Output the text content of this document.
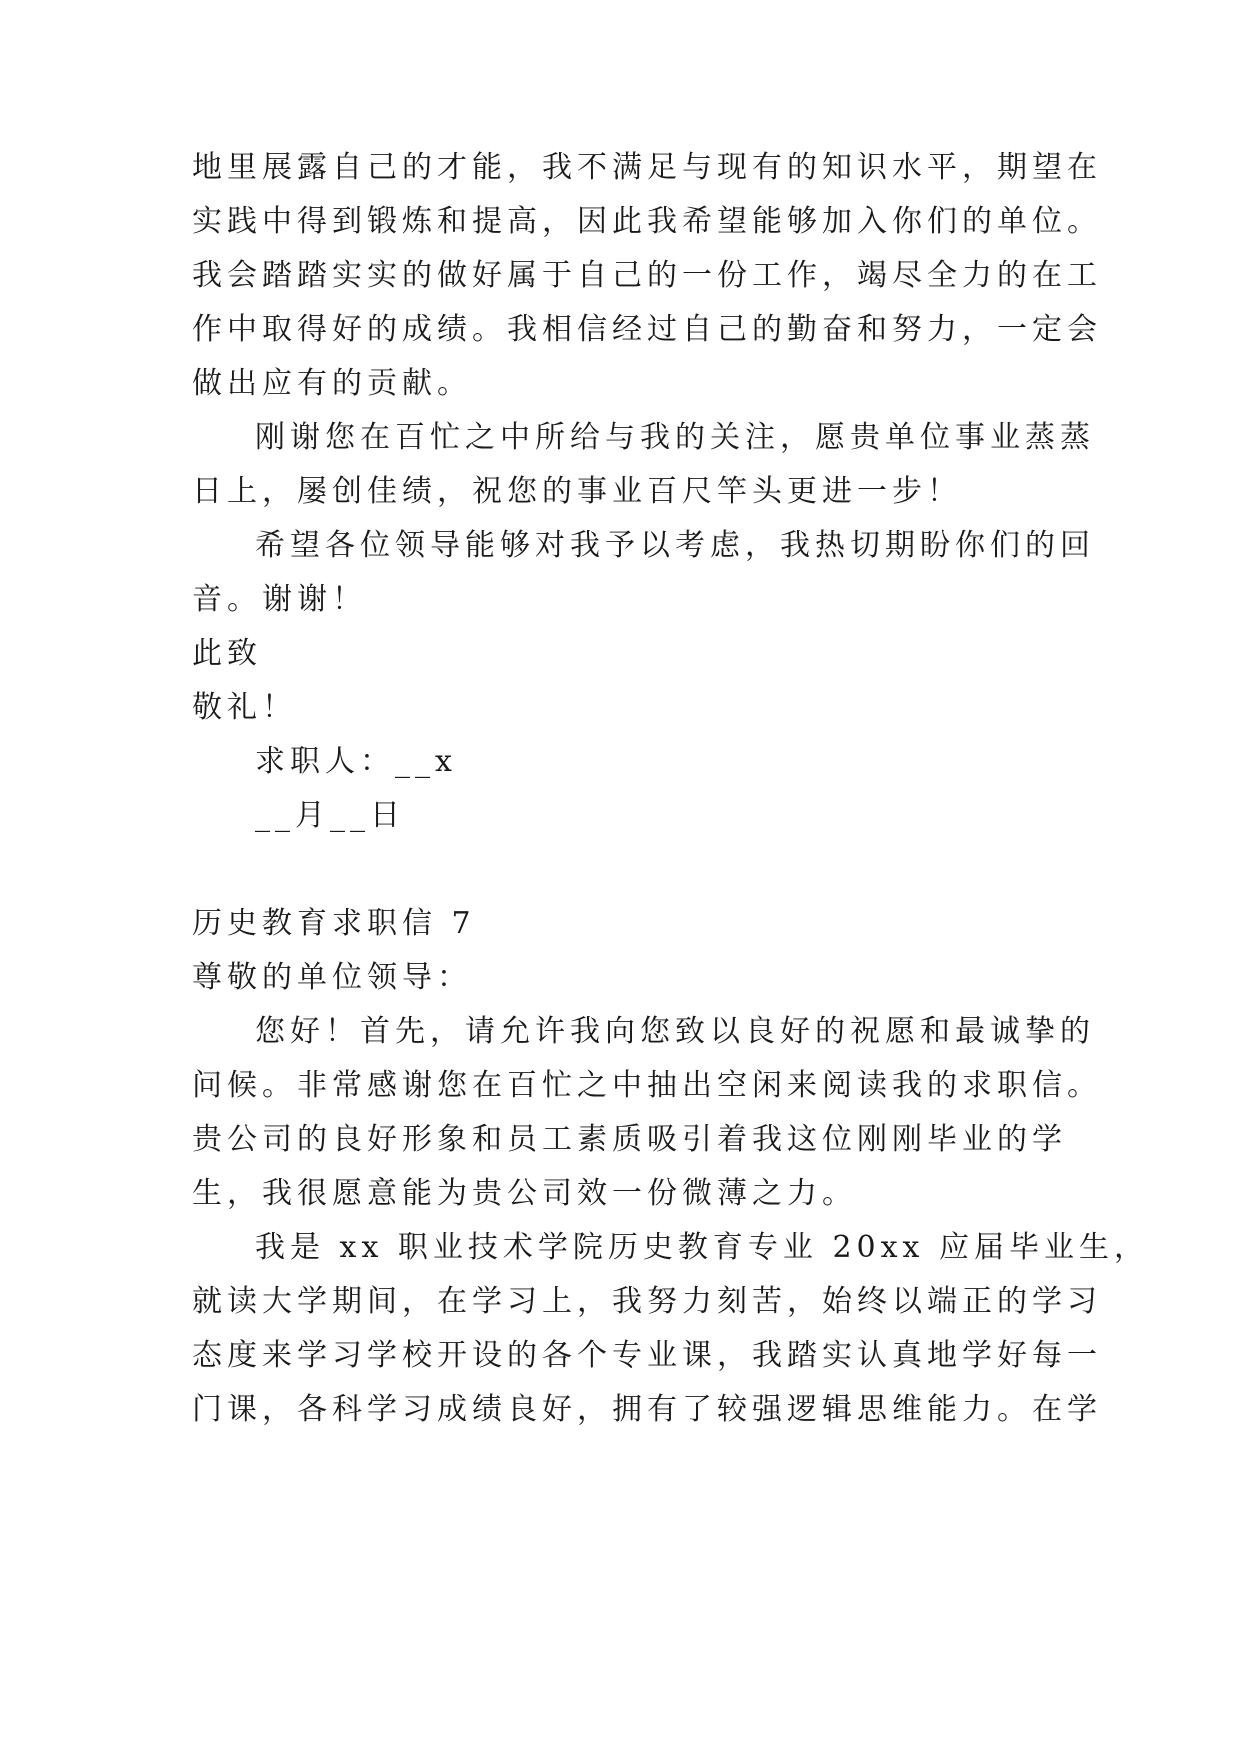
地里展露自己的才能，我不满足与现有的知识水平，期望在
实践中得到锻炼和提高，因此我希望能够加入你们的单位。
我会踏踏实实的做好属于自己的一份工作，竭尽全力的在工
作中取得好的成绩。我相信经过自己的勤奋和努力，一定会
做出应有的贡献。
刚谢您在百忙之中所给与我的关注，愿贵单位事业蒸蒸
日上，屡创佳绩，祝您的事业百尺竿头更进一步！
希望各位领导能够对我予以考虑，我热切期盼你们的回
音。谢谢！
此致
敬礼！
求职人：__x
__月__日
历史教育求职信 7
尊敬的单位领导：
您好！首先，请允许我向您致以良好的祝愿和最诚挚的
问候。非常感谢您在百忙之中抽出空闲来阅读我的求职信。
贵公司的良好形象和员工素质吸引着我这位刚刚毕业的学
生，我很愿意能为贵公司效一份微薄之力。
我是 xx 职业技术学院历史教育专业 20xx 应届毕业生，
就读大学期间，在学习上，我努力刻苦，始终以端正的学习
态度来学习学校开设的各个专业课，我踏实认真地学好每一
门课，各科学习成绩良好，拥有了较强逻辑思维能力。在学
